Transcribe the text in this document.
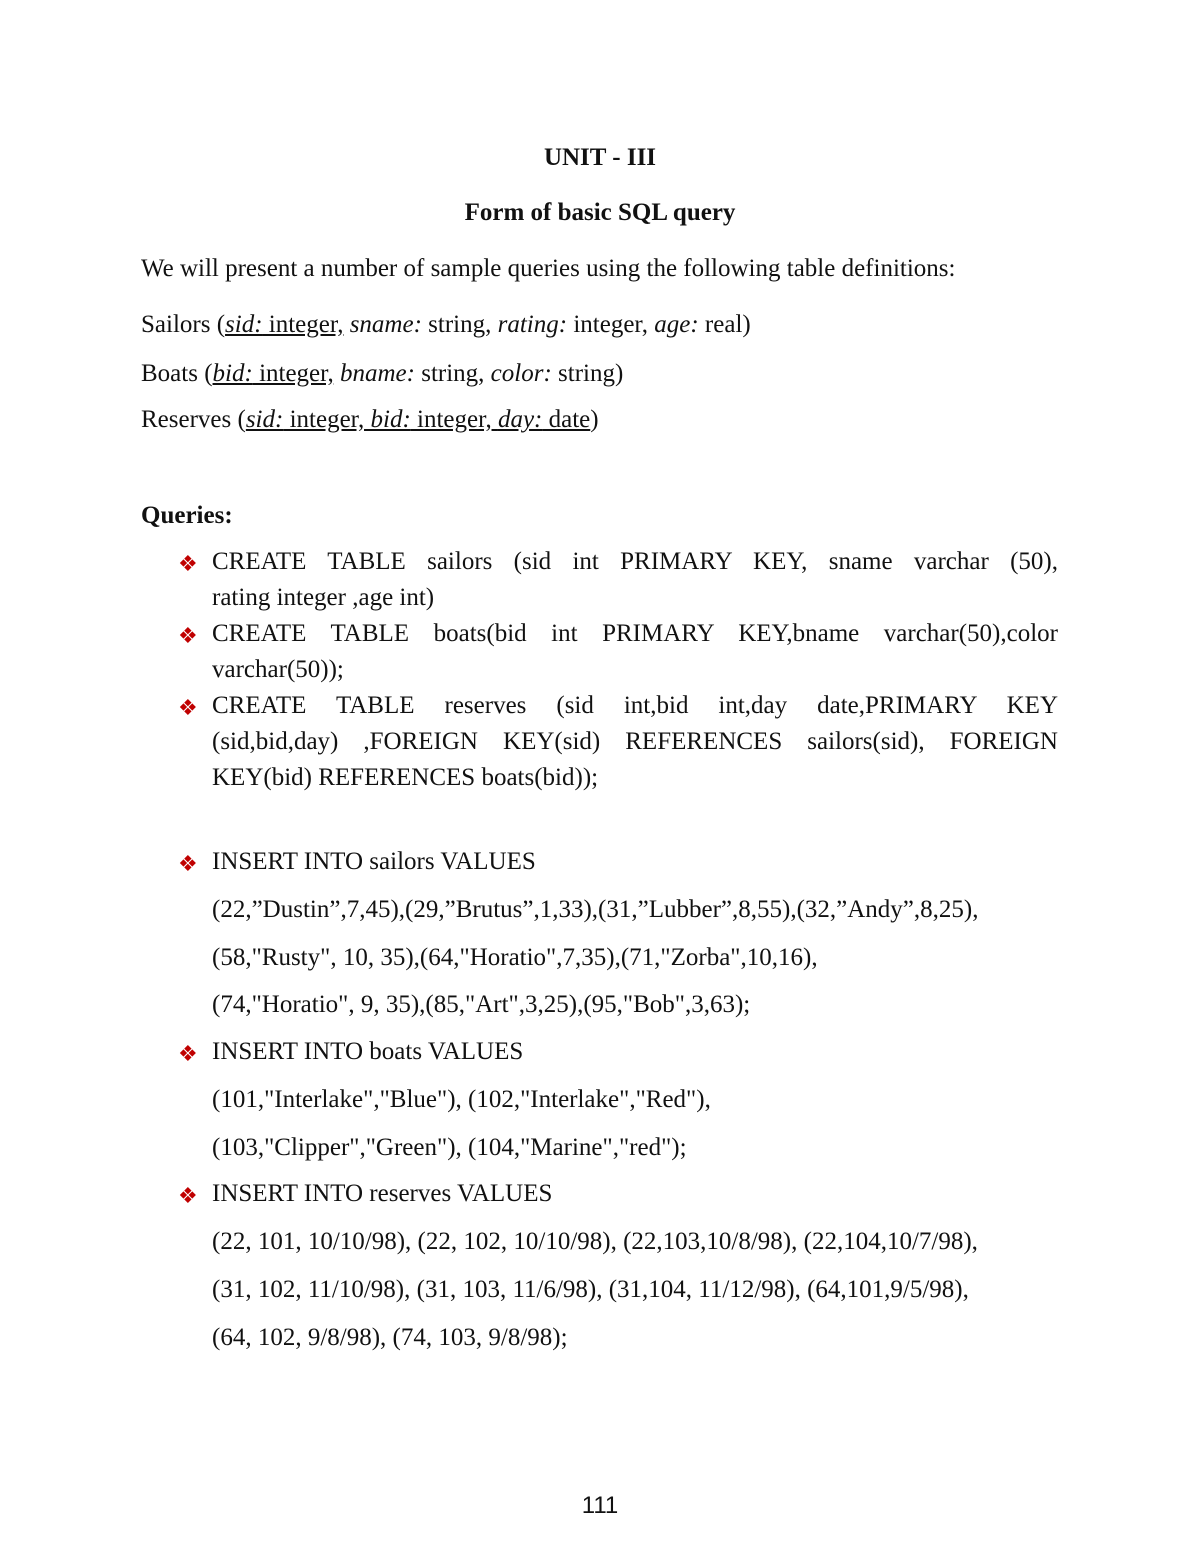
UNIT - III
Form of basic SQL query
We will present a number of sample queries using the following table definitions:
Sailors (sid: integer, sname: string, rating: integer, age: real)
Boats (bid: integer, bname: string, color: string)
Reserves (sid: integer, bid: integer, day: date)
Queries:
❖ CREATE TABLE sailors (sid int PRIMARY KEY, sname varchar (50),
rating integer ,age int)
❖ CREATE TABLE boats(bid int PRIMARY KEY,bname varchar(50),color
varchar(50));
❖ CREATE TABLE reserves (sid int,bid int,day date,PRIMARY KEY
(sid,bid,day) ,FOREIGN KEY(sid) REFERENCES sailors(sid), FOREIGN
KEY(bid) REFERENCES boats(bid));
❖ INSERT INTO sailors VALUES
(22,”Dustin”,7,45),(29,”Brutus”,1,33),(31,”Lubber”,8,55),(32,”Andy”,8,25),
(58,"Rusty", 10, 35),(64,"Horatio",7,35),(71,"Zorba",10,16),
(74,"Horatio", 9, 35),(85,"Art",3,25),(95,"Bob",3,63);
❖ INSERT INTO boats VALUES
(101,"Interlake","Blue"), (102,"Interlake","Red"),
(103,"Clipper","Green"), (104,"Marine","red");
❖ INSERT INTO reserves VALUES
(22, 101, 10/10/98), (22, 102, 10/10/98), (22,103,10/8/98), (22,104,10/7/98),
(31, 102, 11/10/98), (31, 103, 11/6/98), (31,104, 11/12/98), (64,101,9/5/98),
(64, 102, 9/8/98), (74, 103, 9/8/98);
111
